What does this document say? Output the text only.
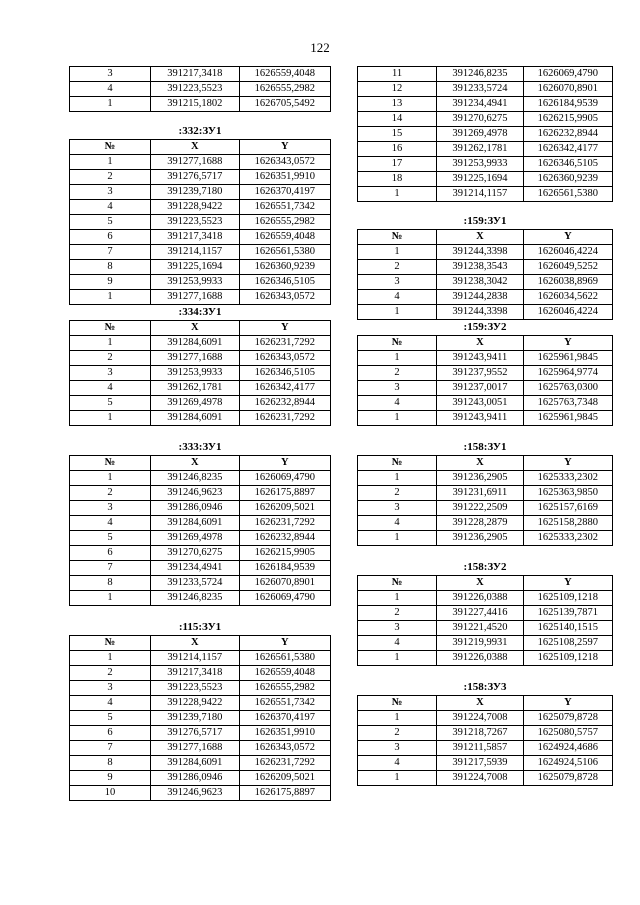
122
3	391217,3418	1626559,4048
4	391223,5523	1626555,2982
1	391215,1802	1626705,5492
:332:ЗУ1
№	X	Y
1	391277,1688	1626343,0572
2	391276,5717	1626351,9910
3	391239,7180	1626370,4197
4	391228,9422	1626551,7342
5	391223,5523	1626555,2982
6	391217,3418	1626559,4048
7	391214,1157	1626561,5380
8	391225,1694	1626360,9239
9	391253,9933	1626346,5105
1	391277,1688	1626343,0572
:334:ЗУ1
№	X	Y
1	391284,6091	1626231,7292
2	391277,1688	1626343,0572
3	391253,9933	1626346,5105
4	391262,1781	1626342,4177
5	391269,4978	1626232,8944
1	391284,6091	1626231,7292
:333:ЗУ1
№	X	Y
1	391246,8235	1626069,4790
2	391246,9623	1626175,8897
3	391286,0946	1626209,5021
4	391284,6091	1626231,7292
5	391269,4978	1626232,8944
6	391270,6275	1626215,9905
7	391234,4941	1626184,9539
8	391233,5724	1626070,8901
1	391246,8235	1626069,4790
:115:ЗУ1
№	X	Y
1	391214,1157	1626561,5380
2	391217,3418	1626559,4048
3	391223,5523	1626555,2982
4	391228,9422	1626551,7342
5	391239,7180	1626370,4197
6	391276,5717	1626351,9910
7	391277,1688	1626343,0572
8	391284,6091	1626231,7292
9	391286,0946	1626209,5021
10	391246,9623	1626175,8897
11	391246,8235	1626069,4790
12	391233,5724	1626070,8901
13	391234,4941	1626184,9539
14	391270,6275	1626215,9905
15	391269,4978	1626232,8944
16	391262,1781	1626342,4177
17	391253,9933	1626346,5105
18	391225,1694	1626360,9239
1	391214,1157	1626561,5380
:159:ЗУ1
№	X	Y
1	391244,3398	1626046,4224
2	391238,3543	1626049,5252
3	391238,3042	1626038,8969
4	391244,2838	1626034,5622
1	391244,3398	1626046,4224
:159:ЗУ2
№	X	Y
1	391243,9411	1625961,9845
2	391237,9552	1625964,9774
3	391237,0017	1625763,0300
4	391243,0051	1625763,7348
1	391243,9411	1625961,9845
:158:ЗУ1
№	X	Y
1	391236,2905	1625333,2302
2	391231,6911	1625363,9850
3	391222,2509	1625157,6169
4	391228,2879	1625158,2880
1	391236,2905	1625333,2302
:158:ЗУ2
№	X	Y
1	391226,0388	1625109,1218
2	391227,4416	1625139,7871
3	391221,4520	1625140,1515
4	391219,9931	1625108,2597
1	391226,0388	1625109,1218
:158:ЗУ3
№	X	Y
1	391224,7008	1625079,8728
2	391218,7267	1625080,5757
3	391211,5857	1624924,4686
4	391217,5939	1624924,5106
1	391224,7008	1625079,8728
